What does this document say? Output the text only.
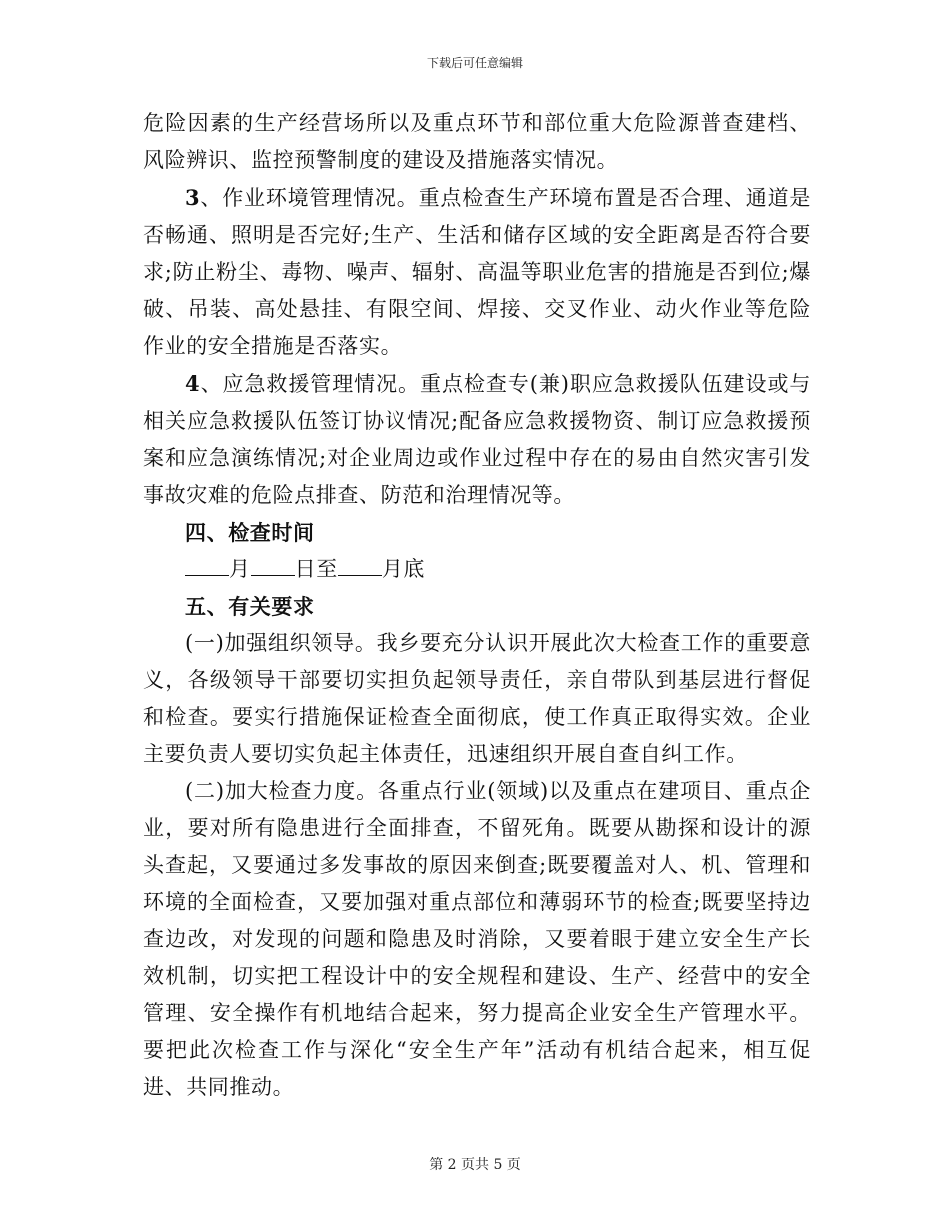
下载后可任意编辑

危险因素的生产经营场所以及重点环节和部位重大危险源普查建档、风险辨识、监控预警制度的建设及措施落实情况。

3、作业环境管理情况。重点检查生产环境布置是否合理、通道是否畅通、照明是否完好;生产、生活和储存区域的安全距离是否符合要求;防止粉尘、毒物、噪声、辐射、高温等职业危害的措施是否到位;爆破、吊装、高处悬挂、有限空间、焊接、交叉作业、动火作业等危险作业的安全措施是否落实。

4、应急救援管理情况。重点检查专(兼)职应急救援队伍建设或与相关应急救援队伍签订协议情况;配备应急救援物资、制订应急救援预案和应急演练情况;对企业周边或作业过程中存在的易由自然灾害引发事故灾难的危险点排查、防范和治理情况等。

四、检查时间

月 日至 月底

五、有关要求

(一)加强组织领导。我乡要充分认识开展此次大检查工作的重要意义，各级领导干部要切实担负起领导责任，亲自带队到基层进行督促和检查。要实行措施保证检查全面彻底，使工作真正取得实效。企业主要负责人要切实负起主体责任，迅速组织开展自查自纠工作。

(二)加大检查力度。各重点行业(领域)以及重点在建项目、重点企业，要对所有隐患进行全面排查，不留死角。既要从勘探和设计的源头查起，又要通过多发事故的原因来倒查;既要覆盖对人、机、管理和环境的全面检查，又要加强对重点部位和薄弱环节的检查;既要坚持边查边改，对发现的问题和隐患及时消除，又要着眼于建立安全生产长效机制，切实把工程设计中的安全规程和建设、生产、经营中的安全管理、安全操作有机地结合起来，努力提高企业安全生产管理水平。要把此次检查工作与深化“安全生产年”活动有机结合起来，相互促进、共同推动。

第 2 页共 5 页
